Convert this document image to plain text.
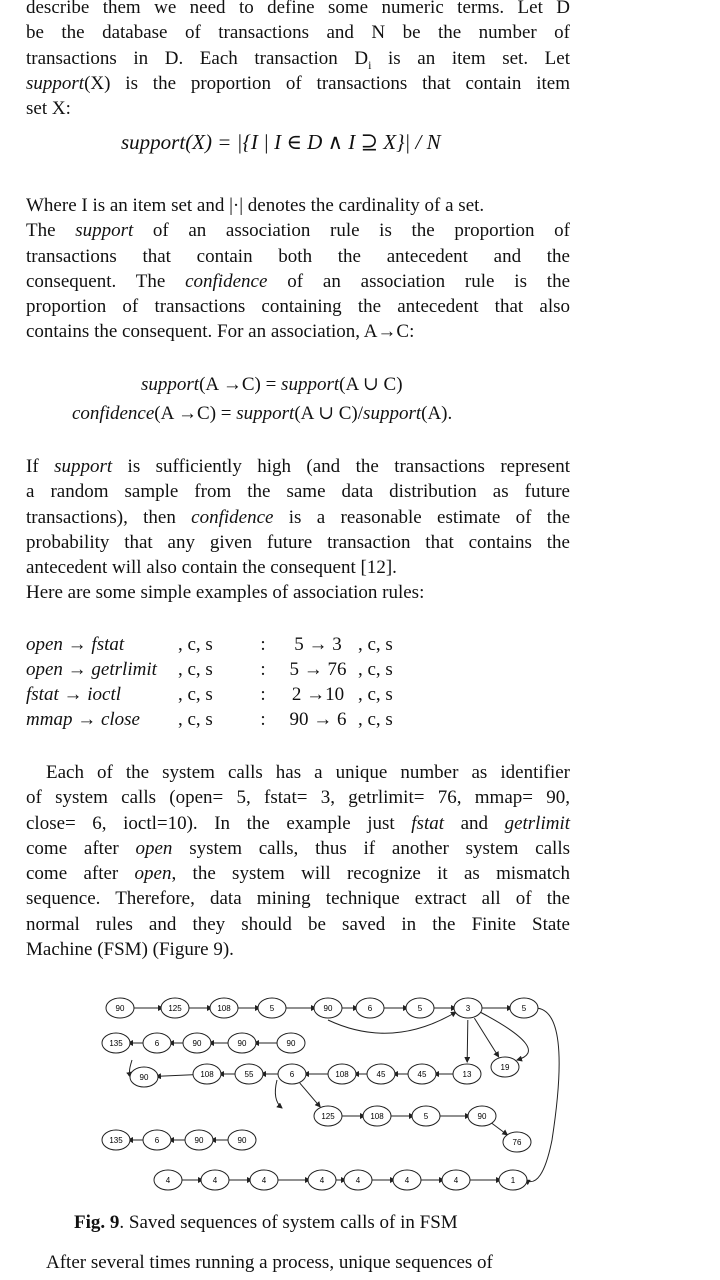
describe them we need to define some numeric terms. Let D
be the database of transactions and N be the number of
transactions in D. Each transaction $D_i$ is an item set. Let
support(X) is the proportion of transactions that contain item
set X:
support(X) = |{I | I ∈ D ∧ I ⊇ X}| / N
Where I is an item set and |·| denotes the cardinality of a set.
The support of an association rule is the proportion of
transactions that contain both the antecedent and the
consequent. The confidence of an association rule is the
proportion of transactions containing the antecedent that also
contains the consequent. For an association, A→C:
support(A →C) = support(A ∪ C)
confidence(A →C) = support(A ∪ C)/support(A).
If support is sufficiently high (and the transactions represent
a random sample from the same data distribution as future
transactions), then confidence is a reasonable estimate of the
probability that any given future transaction that contains the
antecedent will also contain the consequent [12].
Here are some simple examples of association rules:
open → fstat	, c, s	: 5 → 3 , c, s
open → getrlimit , c, s	: 5 → 76 , c, s
fstat → ioctl	, c, s	: 2 →10 , c, s
mmap → close , c, s	: 90 → 6 , c, s
Each of the system calls has a unique number as identifier
of system calls (open= 5, fstat= 3, getrlimit= 76, mmap= 90,
close= 6, ioctl=10). In the example just fstat and getrlimit
come after open system calls, thus if another system calls
come after open, the system will recognize it as mismatch
sequence. Therefore, data mining technique extract all of the
normal rules and they should be saved in the Finite State
Machine (FSM) (Figure 9).
90	125	108	5	90	6	5	3	5
135	6	90	90	90
90	108	55	6	108	45	45	13
19
125	108	5	90
135	6	90	90	76
4	4	4	4	4	4	4	1
Fig. 9. Saved sequences of system calls of in FSM
After several times running a process, unique sequences of
